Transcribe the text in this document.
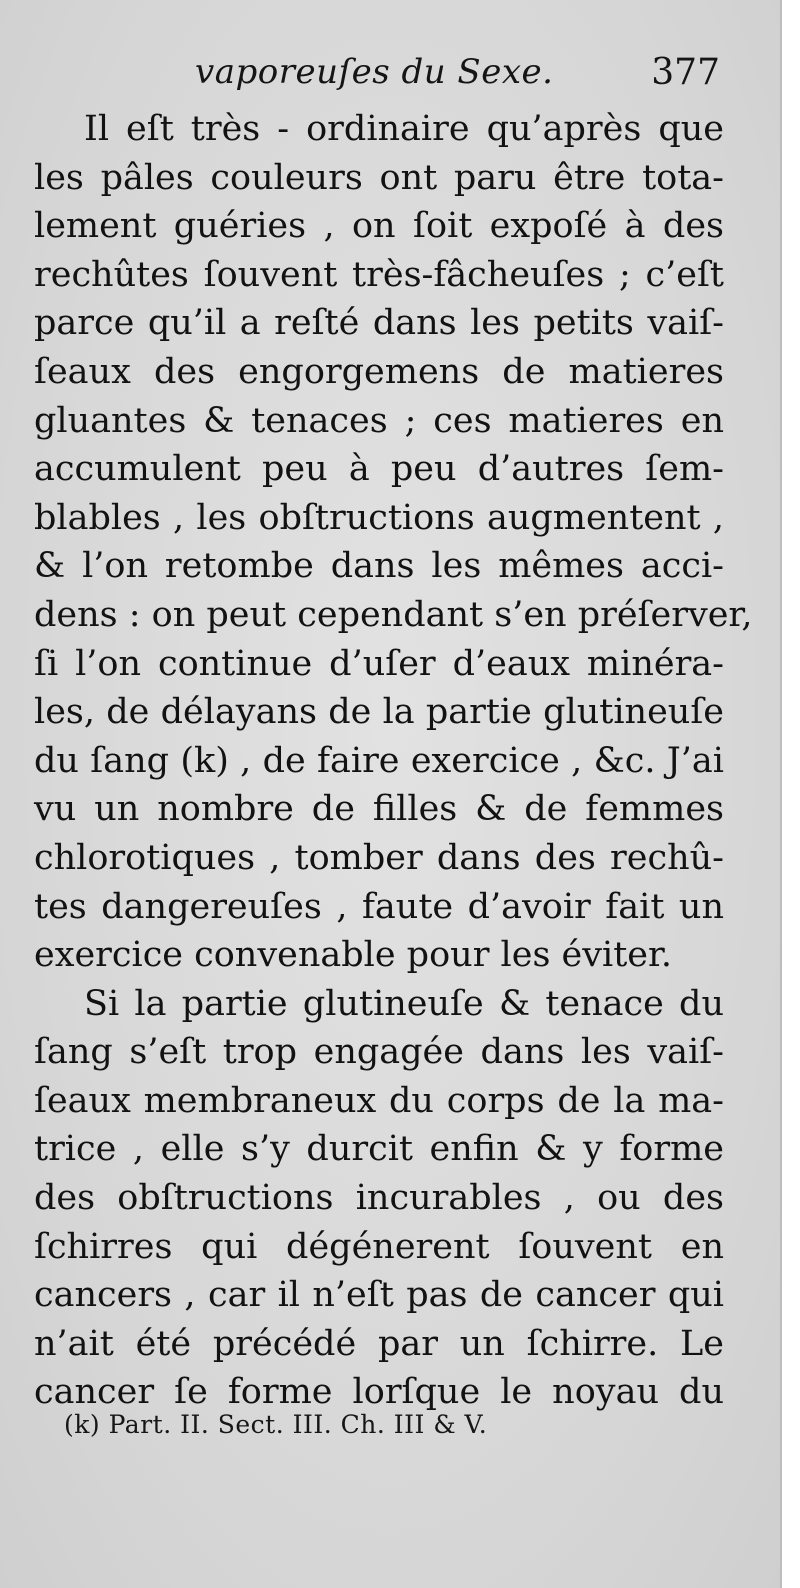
vaporeuſes du Sexe.	377
Il eſt très - ordinaire qu’après que
les pâles couleurs ont paru être tota-
lement guéries , on ſoit expoſé à des
rechûtes ſouvent très-fâcheuſes ; c’eſt
parce qu’il a reſté dans les petits vaiſ-
ſeaux des engorgemens de matieres
gluantes & tenaces ; ces matieres en
accumulent peu à peu d’autres ſem-
blables , les obſtructions augmentent ,
& l’on retombe dans les mêmes acci-
dens : on peut cependant s’en préſerver,
ſi l’on continue d’uſer d’eaux minéra-
les, de délayans de la partie glutineuſe
du ſang (k) , de faire exercice , &c. J’ai
vu un nombre de filles & de femmes
chlorotiques , tomber dans des rechû-
tes dangereuſes , faute d’avoir fait un
exercice convenable pour les éviter.
Si la partie glutineuſe & tenace du
ſang s’eſt trop engagée dans les vaiſ-
ſeaux membraneux du corps de la ma-
trice , elle s’y durcit enfin & y forme
des obſtructions incurables , ou des
ſchirres qui dégénerent ſouvent en
cancers , car il n’eſt pas de cancer qui
n’ait été précédé par un ſchirre. Le
cancer ſe forme lorſque le noyau du
(k) Part. II. Sect. III. Ch. III & V.
